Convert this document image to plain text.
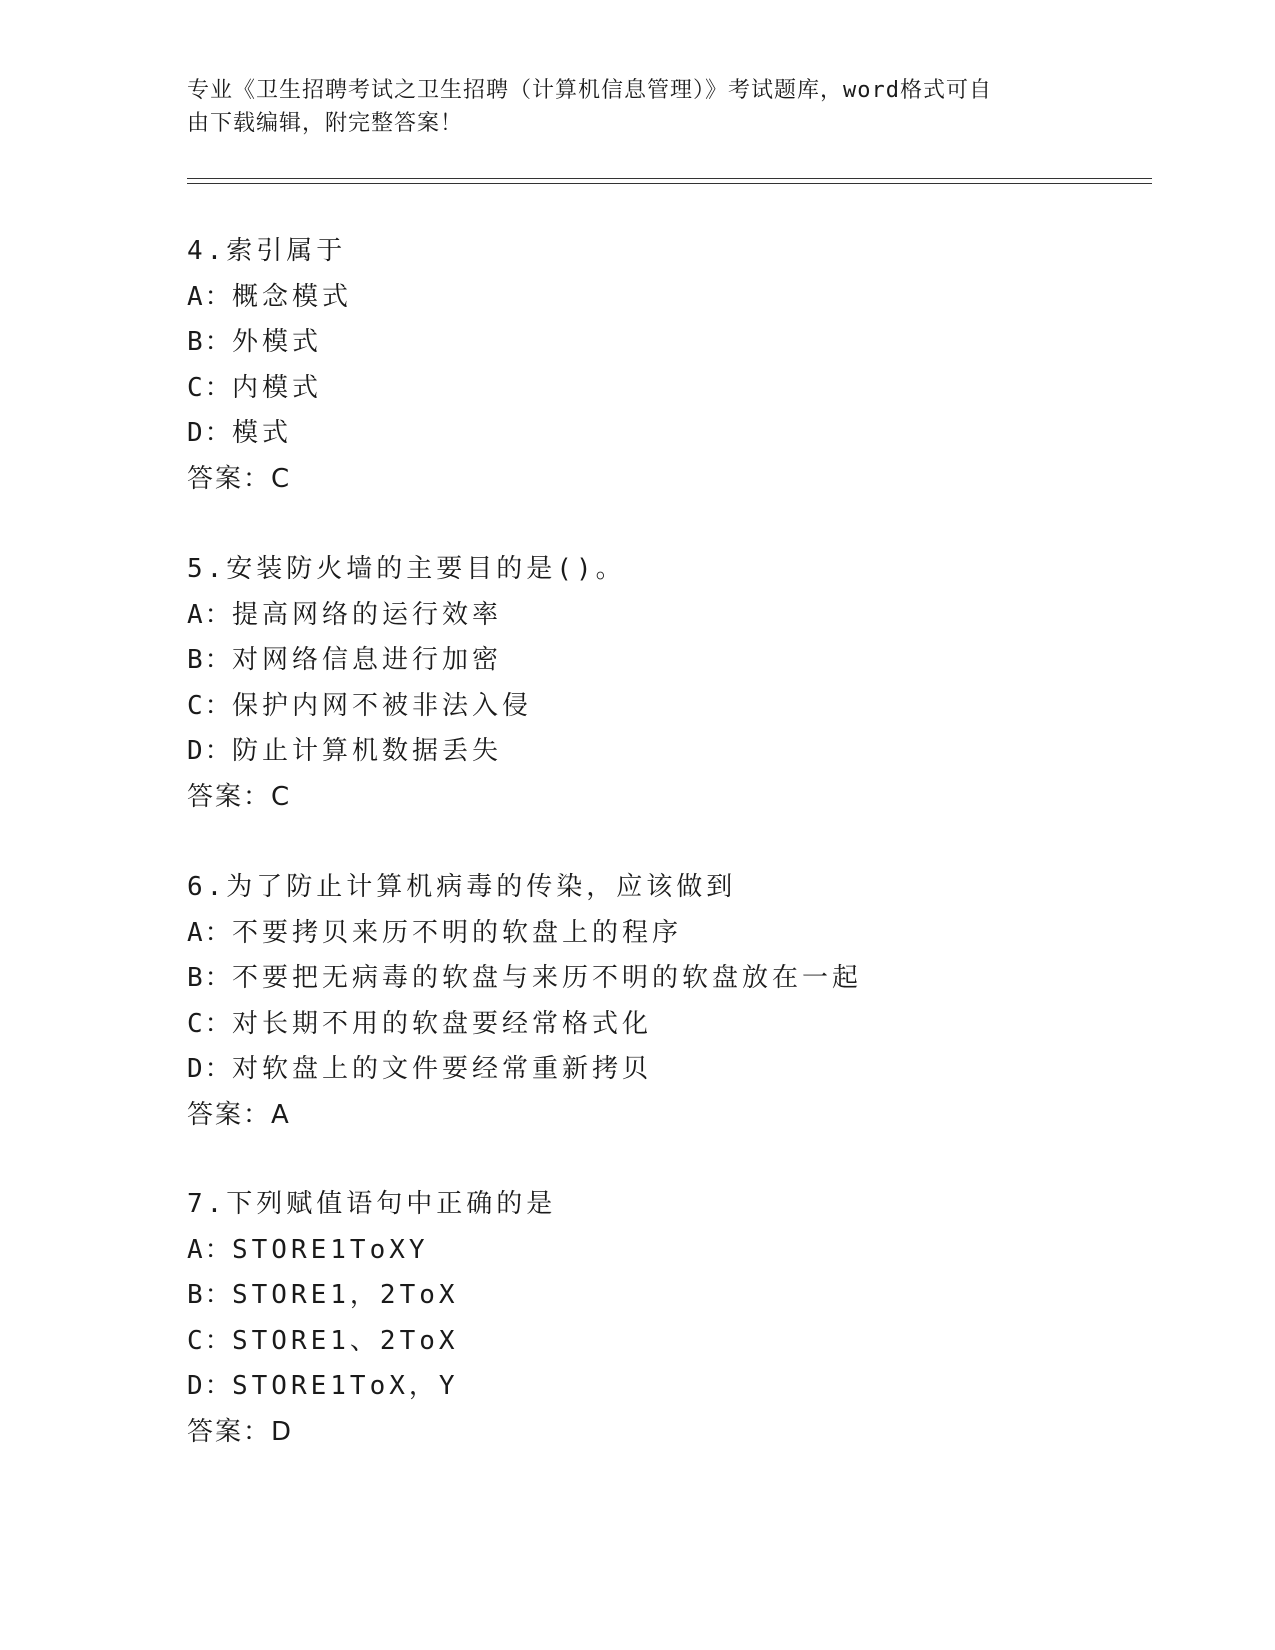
专业《卫生招聘考试之卫生招聘（计算机信息管理）》考试题库，word格式可自
由下载编辑，附完整答案！
4.索引属于
A：概念模式
B：外模式
C：内模式
D：模式
答案：C
5.安装防火墙的主要目的是()。
A：提高网络的运行效率
B：对网络信息进行加密
C：保护内网不被非法入侵
D：防止计算机数据丢失
答案：C
6.为了防止计算机病毒的传染，应该做到
A：不要拷贝来历不明的软盘上的程序
B：不要把无病毒的软盘与来历不明的软盘放在一起
C：对长期不用的软盘要经常格式化
D：对软盘上的文件要经常重新拷贝
答案：A
7.下列赋值语句中正确的是
A：STORE1ToXY
B：STORE1，2ToX
C：STORE1、2ToX
D：STORE1ToX，Y
答案：D
